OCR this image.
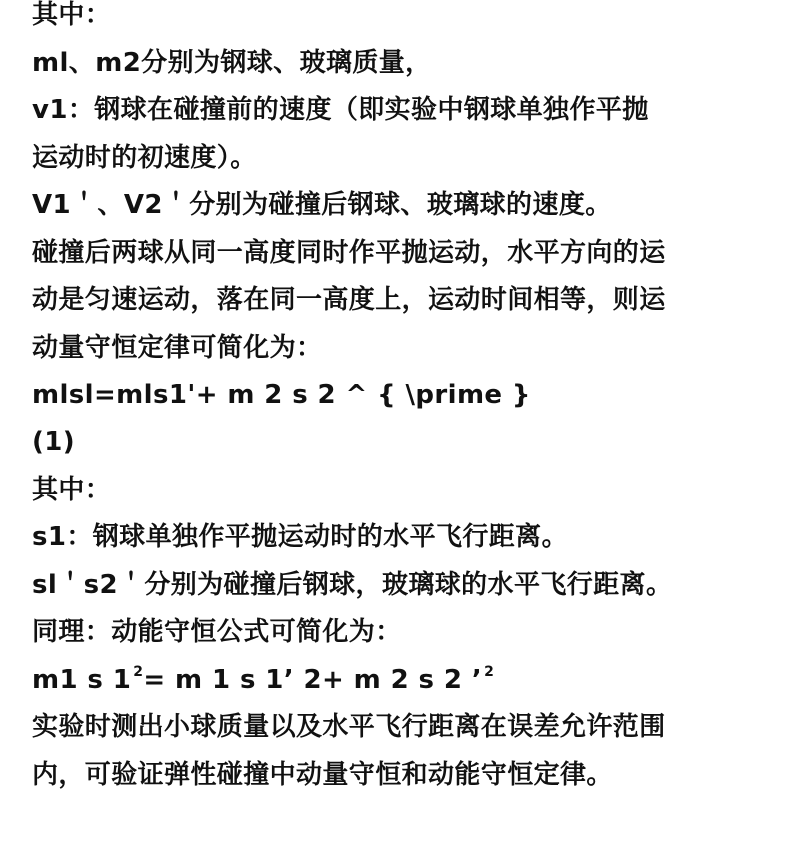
其中：
ml、m2分别为钢球、玻璃质量，
v1：钢球在碰撞前的速度（即实验中钢球单独作平抛
运动时的初速度）。
V1＇、V2＇分别为碰撞后钢球、玻璃球的速度。
碰撞后两球从同一高度同时作平抛运动，水平方向的运
动是匀速运动，落在同一高度上，运动时间相等，则运
动量守恒定律可简化为：
mlsl=mls1'+ m 2 s 2 ^ { \prime }
(1)
其中：
s1：钢球单独作平抛运动时的水平飞行距离。
sl＇s2＇分别为碰撞后钢球，玻璃球的水平飞行距离。
同理：动能守恒公式可简化为：
m1 s 1 $^2$= m 1 s 1’ 2+ m 2 s 2 ’ $^2$
实验时测出小球质量以及水平飞行距离在误差允许范围
内，可验证弹性碰撞中动量守恒和动能守恒定律。
